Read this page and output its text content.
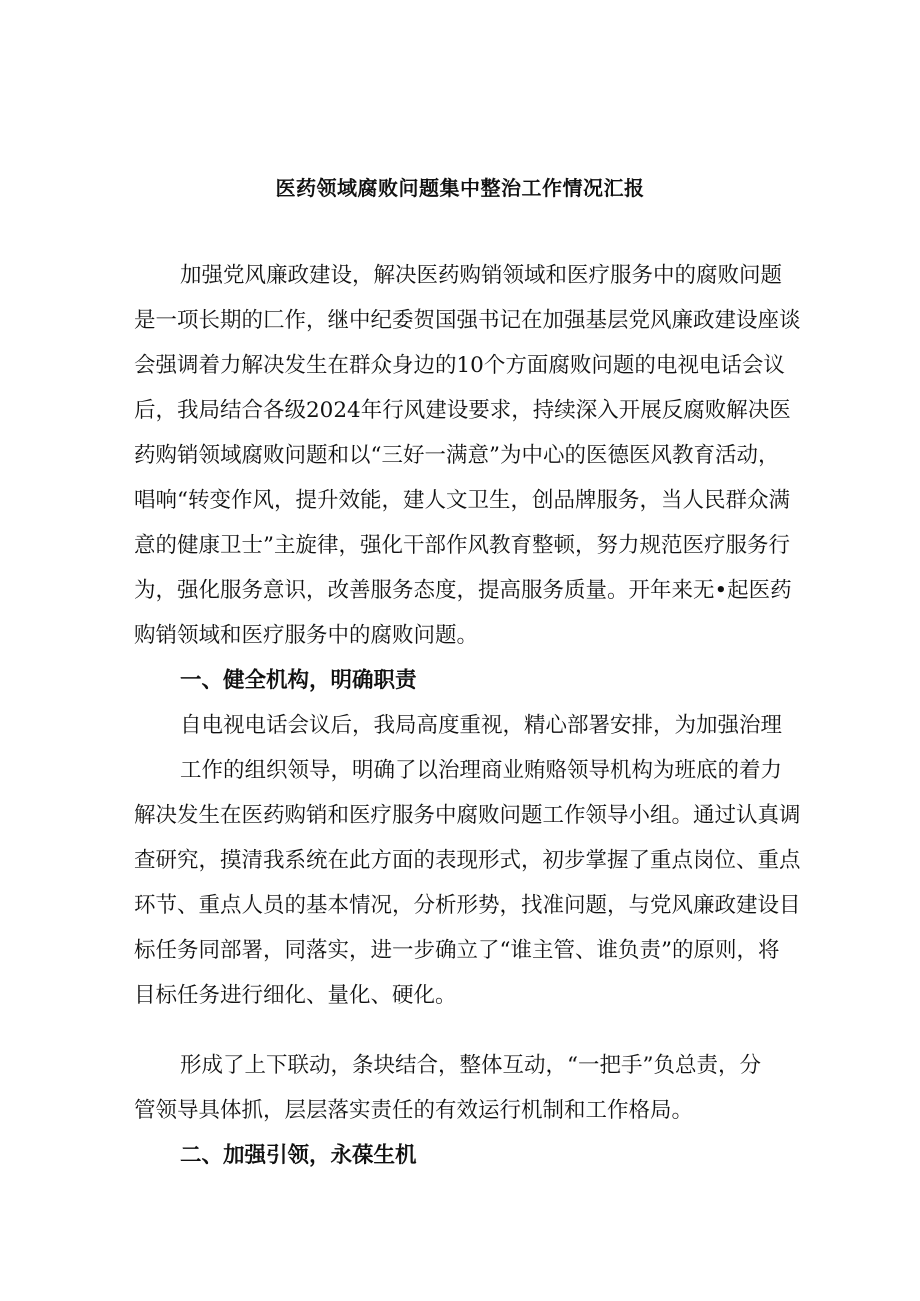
医药领域腐败问题集中整治工作情况汇报
加强党风廉政建设，解决医药购销领域和医疗服务中的腐败问题
是一项长期的匚作，继中纪委贺国强书记在加强基层党风廉政建设座谈
会强调着力解决发生在群众身边的10个方面腐败问题的电视电话会议
后，我局结合各级2024年行风建设要求，持续深入开展反腐败解决医
药购销领域腐败问题和以“三好一满意”为中心的医德医风教育活动，
唱响“转变作风，提升效能，建人文卫生，创品牌服务，当人民群众满
意的健康卫士”主旋律，强化干部作风教育整顿，努力规范医疗服务行
为，强化服务意识，改善服务态度，提高服务质量。开年来无•起医药
购销领域和医疗服务中的腐败问题。
一、健全机构，明确职责
自电视电话会议后，我局高度重视，精心部署安排，为加强治理
工作的组织领导，明确了以治理商业贿赂领导机构为班底的着力
解决发生在医药购销和医疗服务中腐败问题工作领导小组。通过认真调
查研究，摸清我系统在此方面的表现形式，初步掌握了重点岗位、重点
环节、重点人员的基本情况，分析形势，找准问题，与党风廉政建设目
标任务同部署，同落实，进一步确立了“谁主管、谁负责”的原则，将
目标任务进行细化、量化、硬化。
形成了上下联动，条块结合，整体互动，“一把手”负总责，分
管领导具体抓，层层落实责任的有效运行机制和工作格局。
二、加强引领，永葆生机
